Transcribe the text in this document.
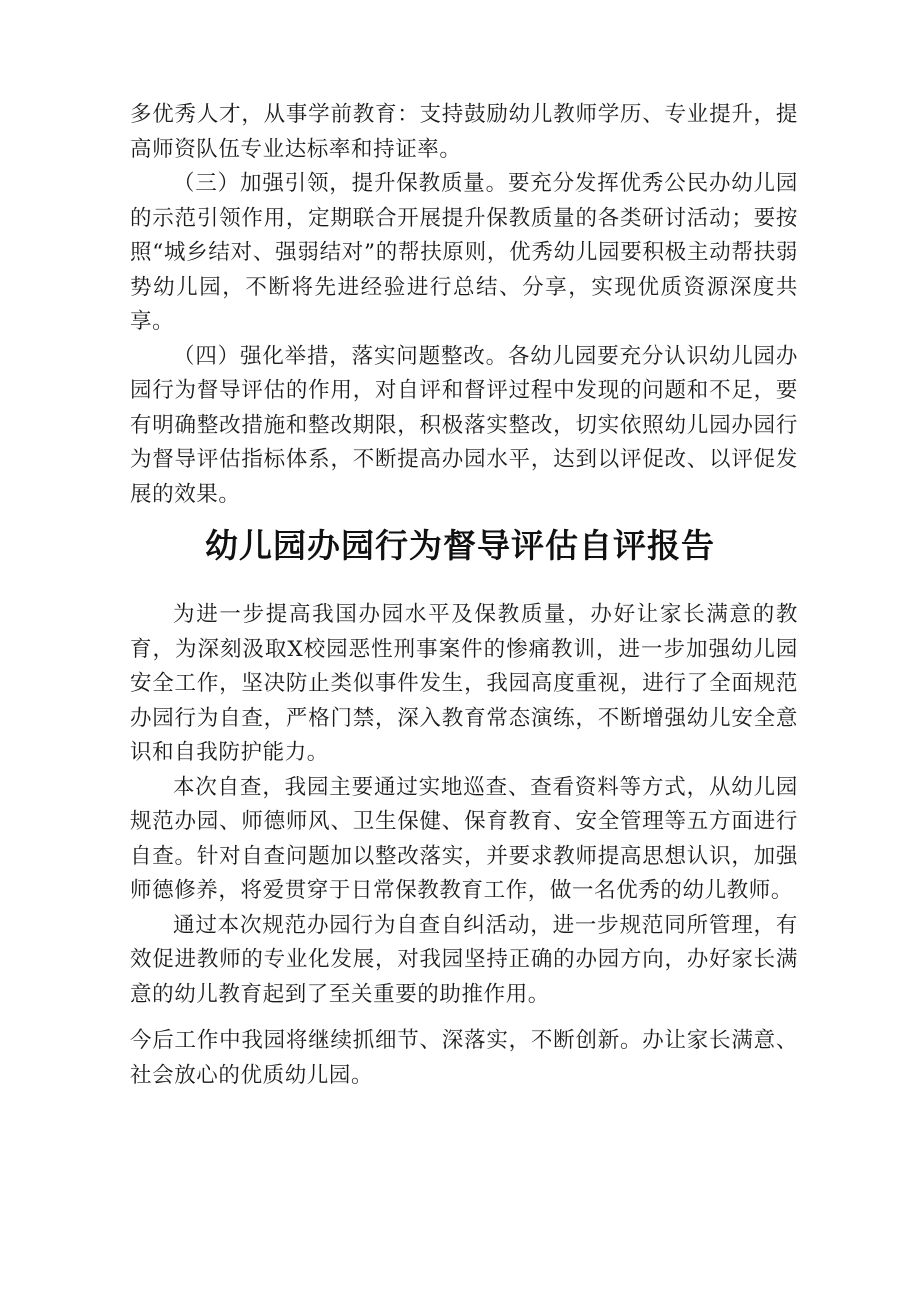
多优秀人才，从事学前教育：支持鼓励幼儿教师学历、专业提升，提高师资队伍专业达标率和持证率。

（三）加强引领，提升保教质量。要充分发挥优秀公民办幼儿园的示范引领作用，定期联合开展提升保教质量的各类研讨活动；要按照“城乡结对、强弱结对”的帮扶原则，优秀幼儿园要积极主动帮扶弱势幼儿园，不断将先进经验进行总结、分享，实现优质资源深度共享。

（四）强化举措，落实问题整改。各幼儿园要充分认识幼儿园办园行为督导评估的作用，对自评和督评过程中发现的问题和不足，要有明确整改措施和整改期限，积极落实整改，切实依照幼儿园办园行为督导评估指标体系，不断提高办园水平，达到以评促改、以评促发展的效果。

幼儿园办园行为督导评估自评报告

为进一步提高我国办园水平及保教质量，办好让家长满意的教育，为深刻汲取X校园恶性刑事案件的惨痛教训，进一步加强幼儿园安全工作，坚决防止类似事件发生，我园高度重视，进行了全面规范办园行为自查，严格门禁，深入教育常态演练，不断增强幼儿安全意识和自我防护能力。

本次自查，我园主要通过实地巡查、查看资料等方式，从幼儿园规范办园、师德师风、卫生保健、保育教育、安全管理等五方面进行自查。针对自查问题加以整改落实，并要求教师提高思想认识，加强师德修养，将爱贯穿于日常保教教育工作，做一名优秀的幼儿教师。

通过本次规范办园行为自查自纠活动，进一步规范同所管理，有效促进教师的专业化发展，对我园坚持正确的办园方向，办好家长满意的幼儿教育起到了至关重要的助推作用。

今后工作中我园将继续抓细节、深落实，不断创新。办让家长满意、社会放心的优质幼儿园。
